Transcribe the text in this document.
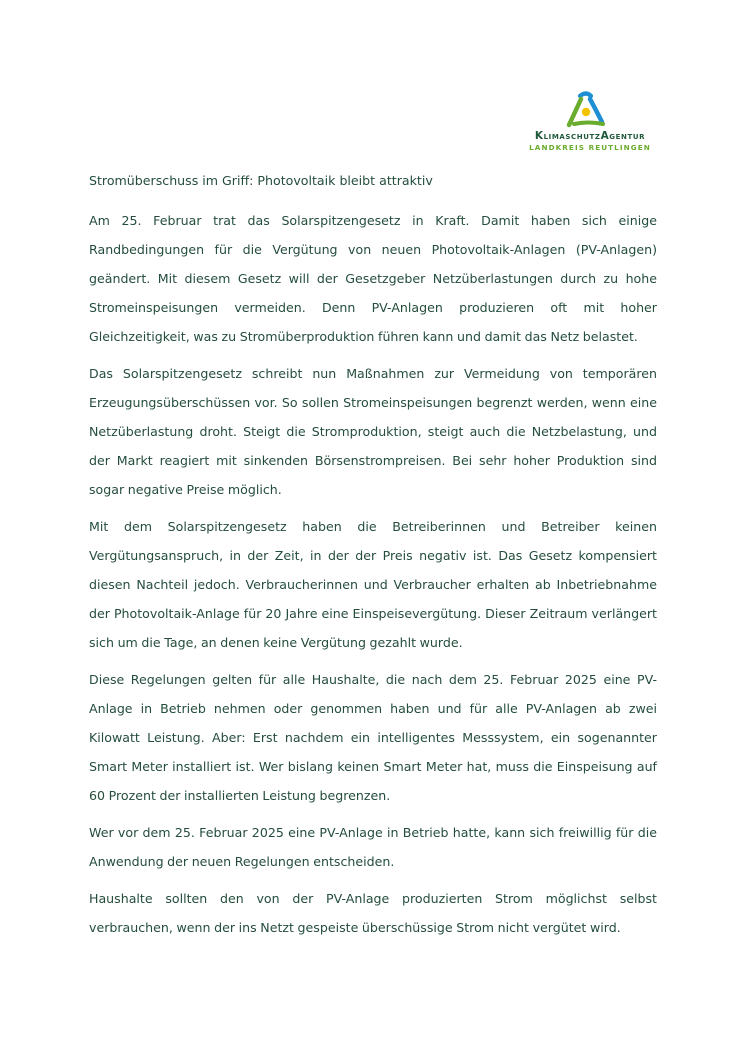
KlimaschutzAgentur
LANDKREIS REUTLINGEN
Stromüberschuss im Griff: Photovoltaik bleibt attraktiv

Am 25. Februar trat das Solarspitzengesetz in Kraft. Damit haben sich einige Randbedingungen für die Vergütung von neuen Photovoltaik-Anlagen (PV-Anlagen) geändert. Mit diesem Gesetz will der Gesetzgeber Netzüberlastungen durch zu hohe Stromeinspeisungen vermeiden. Denn PV-Anlagen produzieren oft mit hoher Gleichzeitigkeit, was zu Stromüberproduktion führen kann und damit das Netz belastet.

Das Solarspitzengesetz schreibt nun Maßnahmen zur Vermeidung von temporären Erzeugungsüberschüssen vor. So sollen Stromeinspeisungen begrenzt werden, wenn eine Netzüberlastung droht. Steigt die Stromproduktion, steigt auch die Netzbelastung, und der Markt reagiert mit sinkenden Börsenstrompreisen. Bei sehr hoher Produktion sind sogar negative Preise möglich.

Mit dem Solarspitzengesetz haben die Betreiberinnen und Betreiber keinen Vergütungsanspruch, in der Zeit, in der der Preis negativ ist. Das Gesetz kompensiert diesen Nachteil jedoch. Verbraucherinnen und Verbraucher erhalten ab Inbetriebnahme der Photovoltaik-Anlage für 20 Jahre eine Einspeisevergütung. Dieser Zeitraum verlängert sich um die Tage, an denen keine Vergütung gezahlt wurde.

Diese Regelungen gelten für alle Haushalte, die nach dem 25. Februar 2025 eine PV-Anlage in Betrieb nehmen oder genommen haben und für alle PV-Anlagen ab zwei Kilowatt Leistung. Aber: Erst nachdem ein intelligentes Messsystem, ein sogenannter Smart Meter installiert ist. Wer bislang keinen Smart Meter hat, muss die Einspeisung auf 60 Prozent der installierten Leistung begrenzen.

Wer vor dem 25. Februar 2025 eine PV-Anlage in Betrieb hatte, kann sich freiwillig für die Anwendung der neuen Regelungen entscheiden.

Haushalte sollten den von der PV-Anlage produzierten Strom möglichst selbst verbrauchen, wenn der ins Netzt gespeiste überschüssige Strom nicht vergütet wird.
